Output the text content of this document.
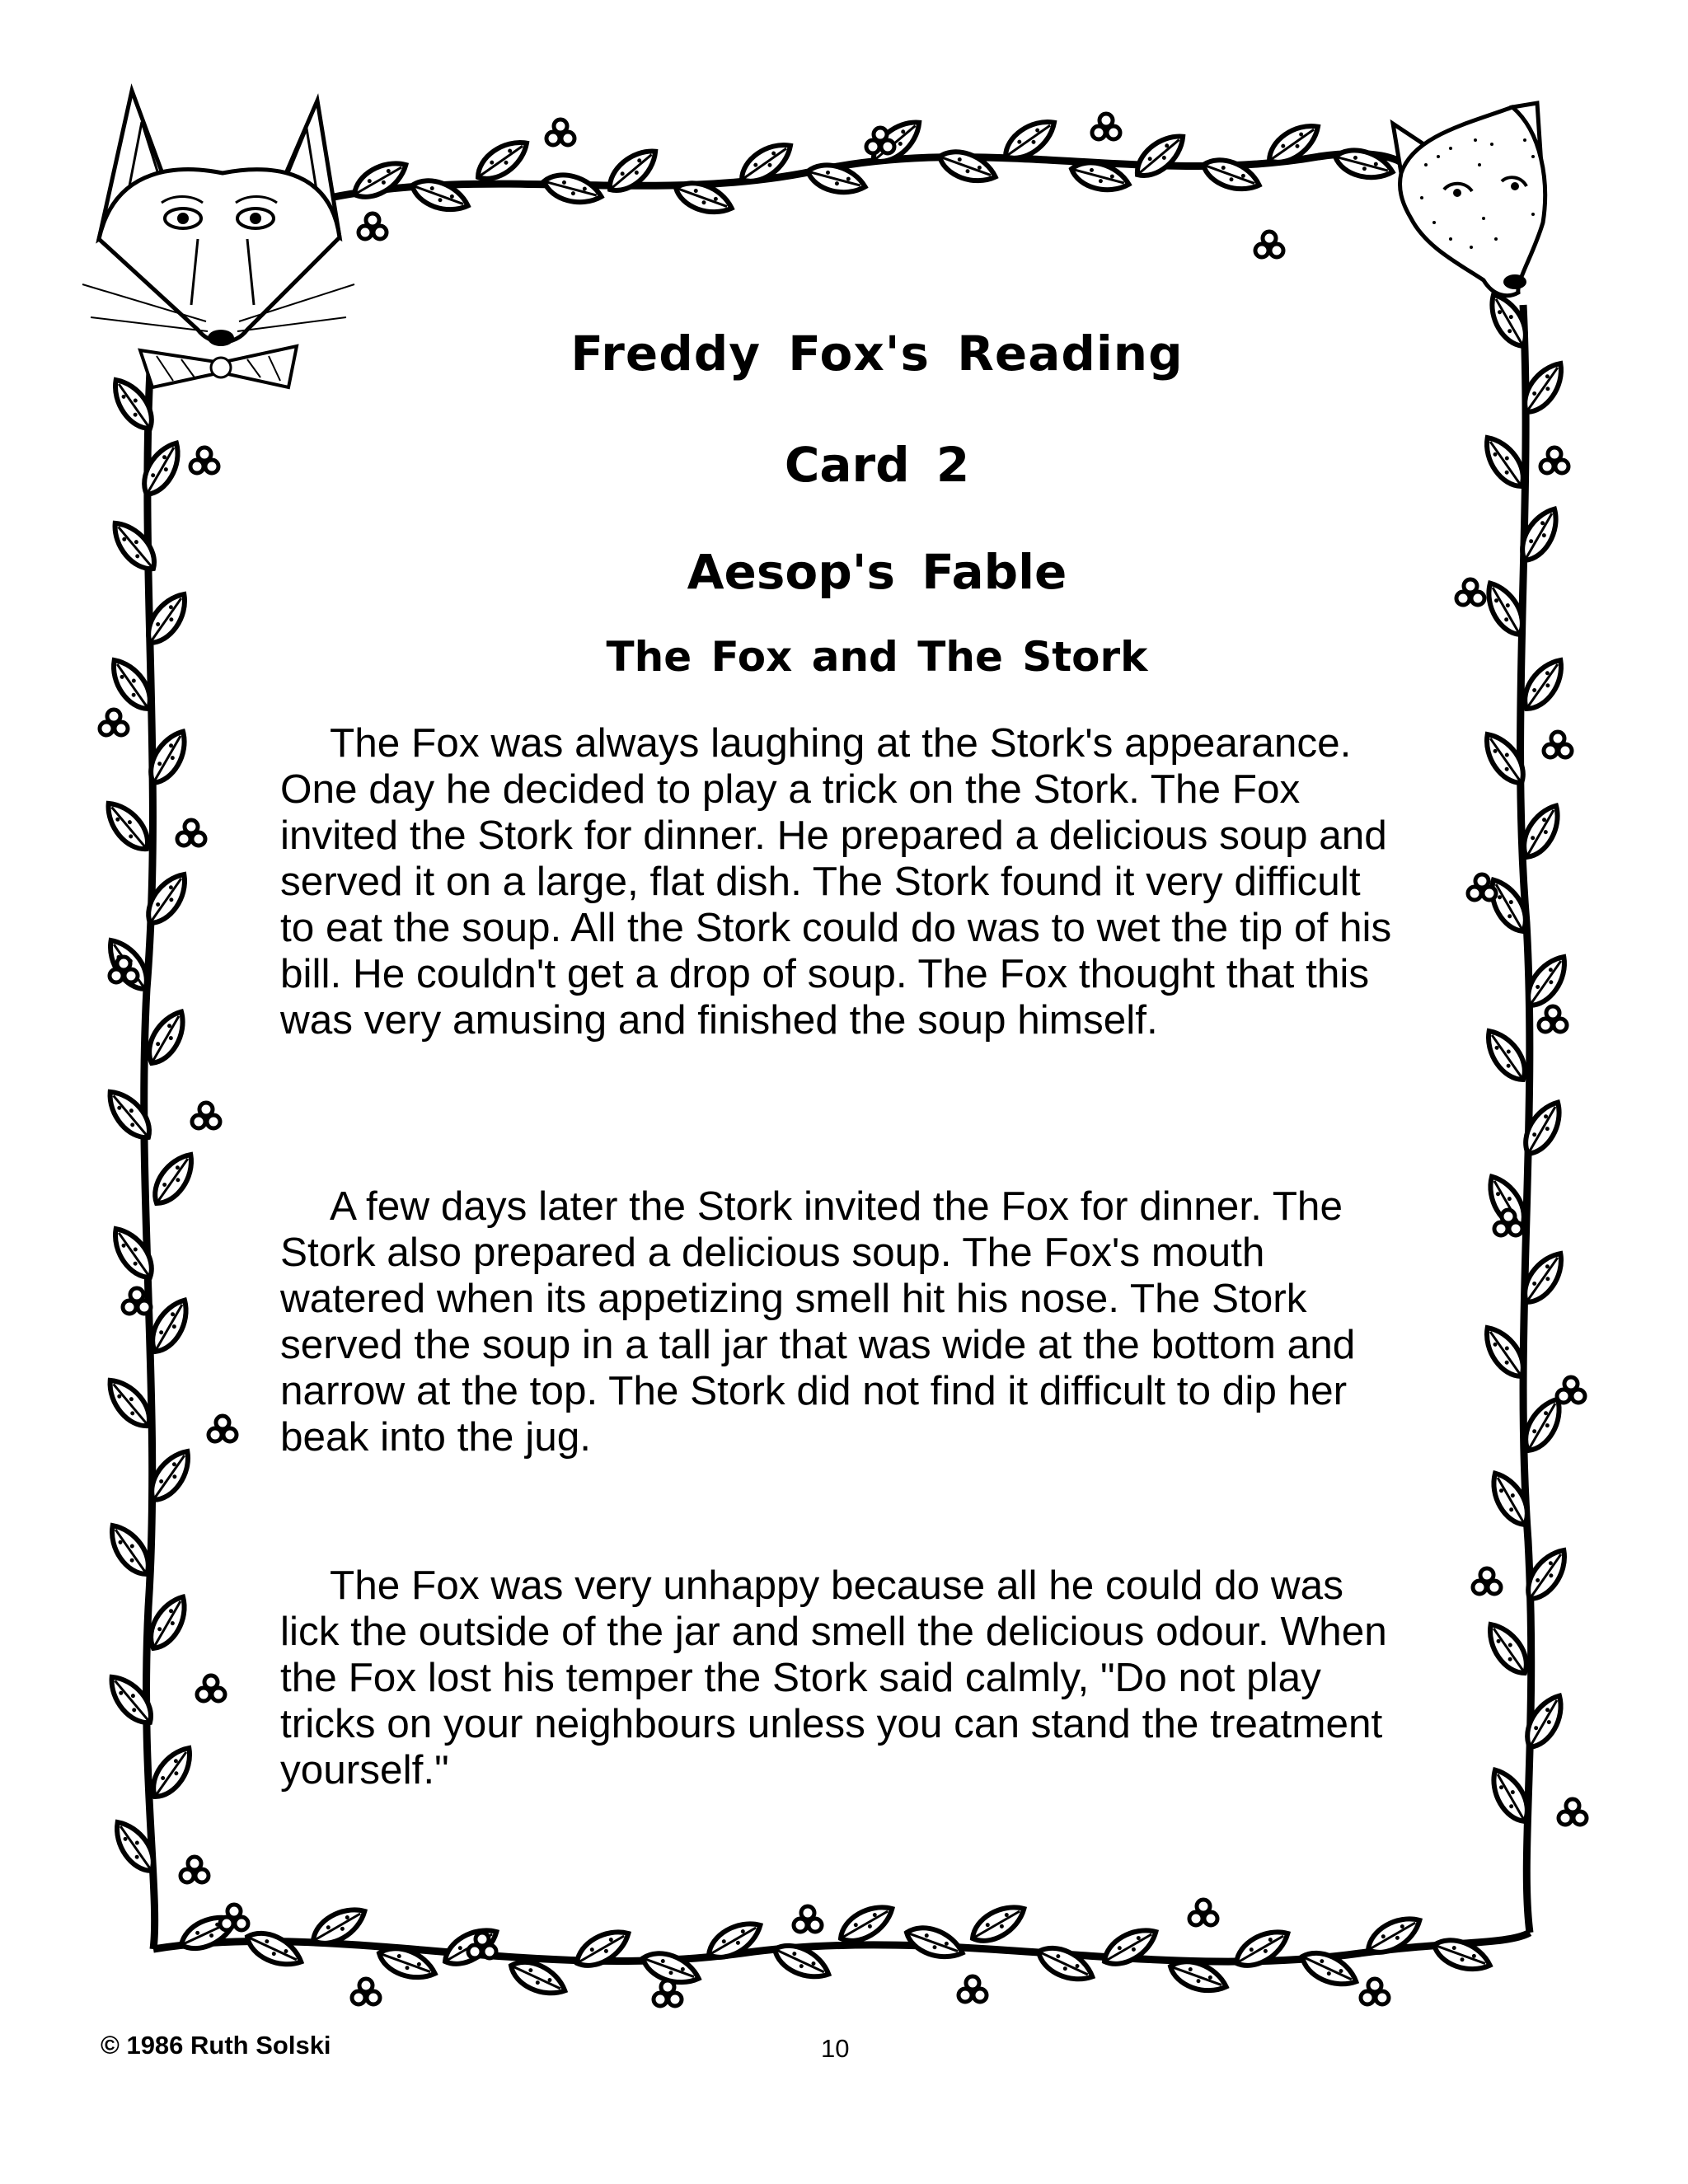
Freddy Fox's Reading
Card 2
Aesop's Fable
The Fox and The Stork

The Fox was always laughing at the Stork's appearance. One day he decided to play a trick on the Stork. The Fox invited the Stork for dinner. He prepared a delicious soup and served it on a large, flat dish. The Stork found it very difficult to eat the soup. All the Stork could do was to wet the tip of his bill. He couldn't get a drop of soup. The Fox thought that this was very amusing and finished the soup himself.

A few days later the Stork invited the Fox for dinner. The Stork also prepared a delicious soup. The Fox's mouth watered when its appetizing smell hit his nose. The Stork served the soup in a tall jar that was wide at the bottom and narrow at the top. The Stork did not find it difficult to dip her beak into the jug.

The Fox was very unhappy because all he could do was lick the outside of the jar and smell the delicious odour. When the Fox lost his temper the Stork said calmly, "Do not play tricks on your neighbours unless you can stand the treatment yourself."

© 1986 Ruth Solski	10
